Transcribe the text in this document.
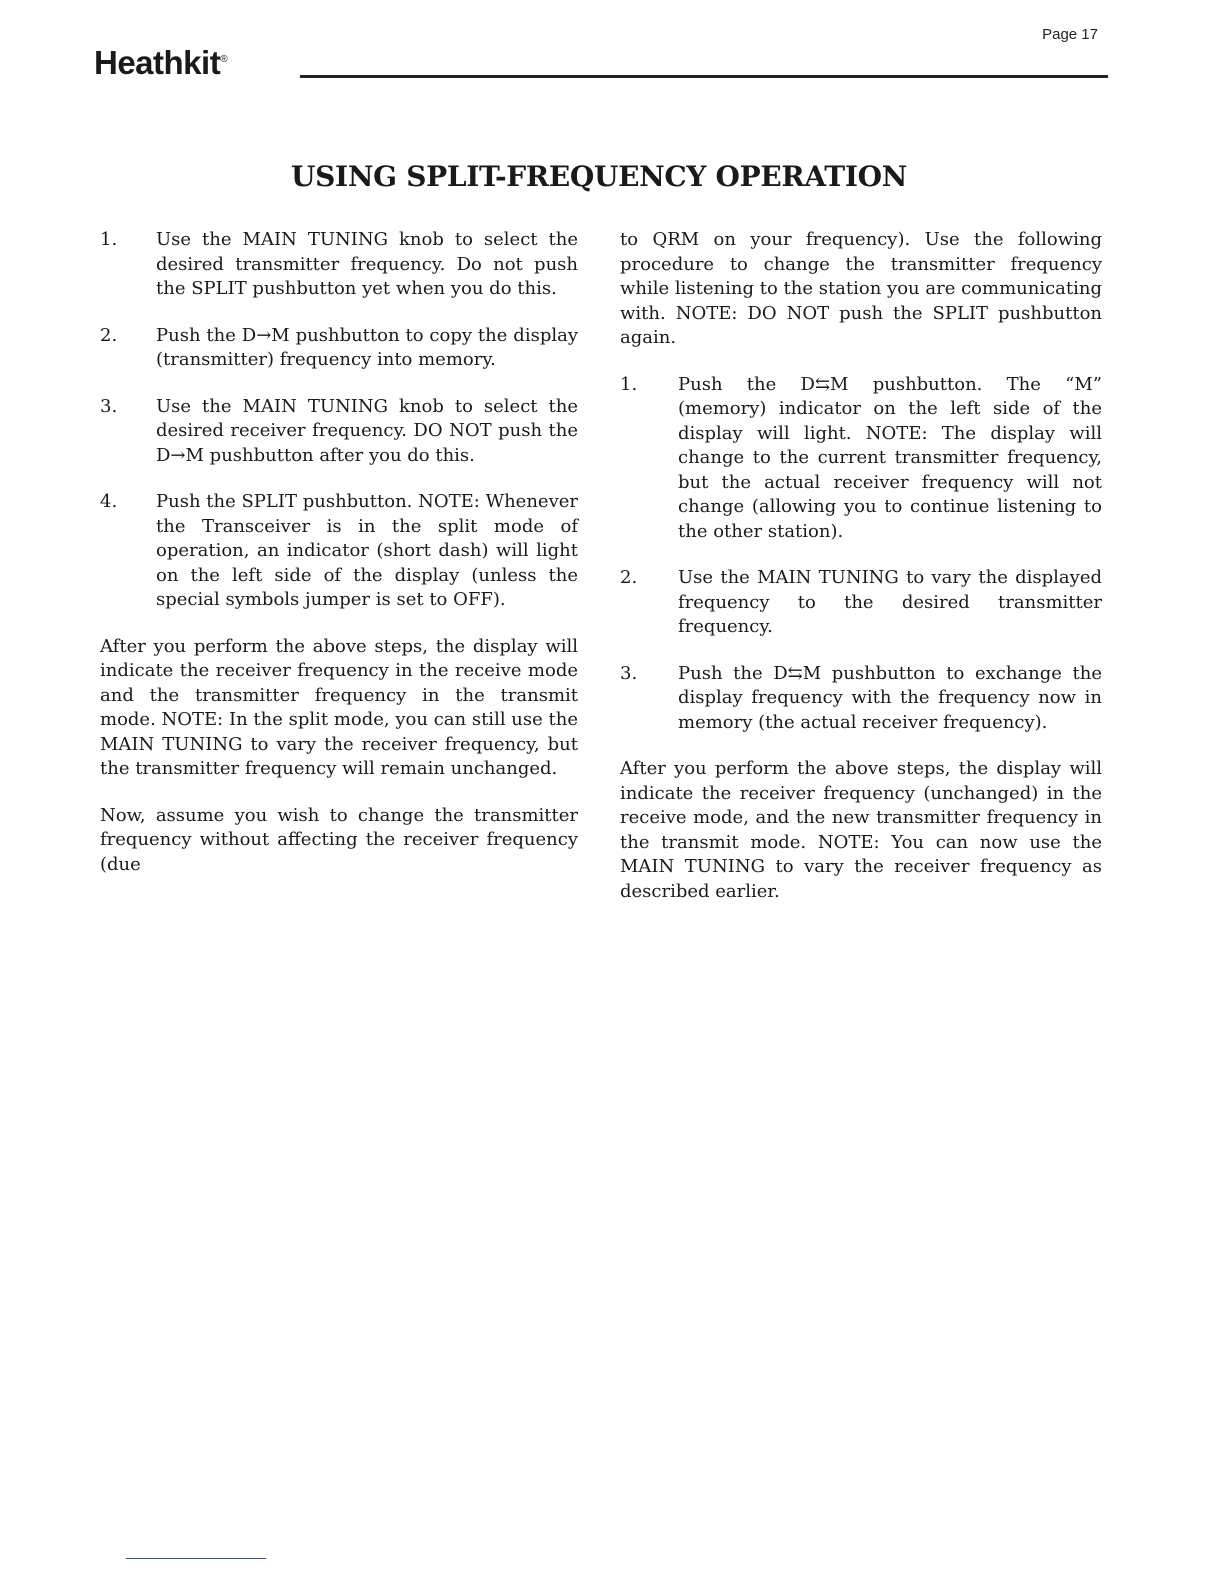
Page 17
Heathkit®
USING SPLIT-FREQUENCY OPERATION
1. Use the MAIN TUNING knob to select the desired transmitter frequency. Do not push the SPLIT pushbutton yet when you do this.
2. Push the D→M pushbutton to copy the display (transmitter) frequency into memory.
3. Use the MAIN TUNING knob to select the desired receiver frequency. DO NOT push the D→M pushbutton after you do this.
4. Push the SPLIT pushbutton. NOTE: Whenever the Transceiver is in the split mode of operation, an indicator (short dash) will light on the left side of the display (unless the special symbols jumper is set to OFF).

After you perform the above steps, the display will indicate the receiver frequency in the receive mode and the transmitter frequency in the transmit mode. NOTE: In the split mode, you can still use the MAIN TUNING to vary the receiver frequency, but the transmitter frequency will remain unchanged.

Now, assume you wish to change the transmitter frequency without affecting the receiver frequency (due

to QRM on your frequency). Use the following procedure to change the transmitter frequency while listening to the station you are communicating with. NOTE: DO NOT push the SPLIT pushbutton again.

1. Push the D⇆M pushbutton. The “M” (memory) indicator on the left side of the display will light. NOTE: The display will change to the current transmitter frequency, but the actual receiver frequency will not change (allowing you to continue listening to the other station).
2. Use the MAIN TUNING to vary the displayed frequency to the desired transmitter frequency.
3. Push the D⇆M pushbutton to exchange the display frequency with the frequency now in memory (the actual receiver frequency).

After you perform the above steps, the display will indicate the receiver frequency (unchanged) in the receive mode, and the new transmitter frequency in the transmit mode. NOTE: You can now use the MAIN TUNING to vary the receiver frequency as described earlier.
